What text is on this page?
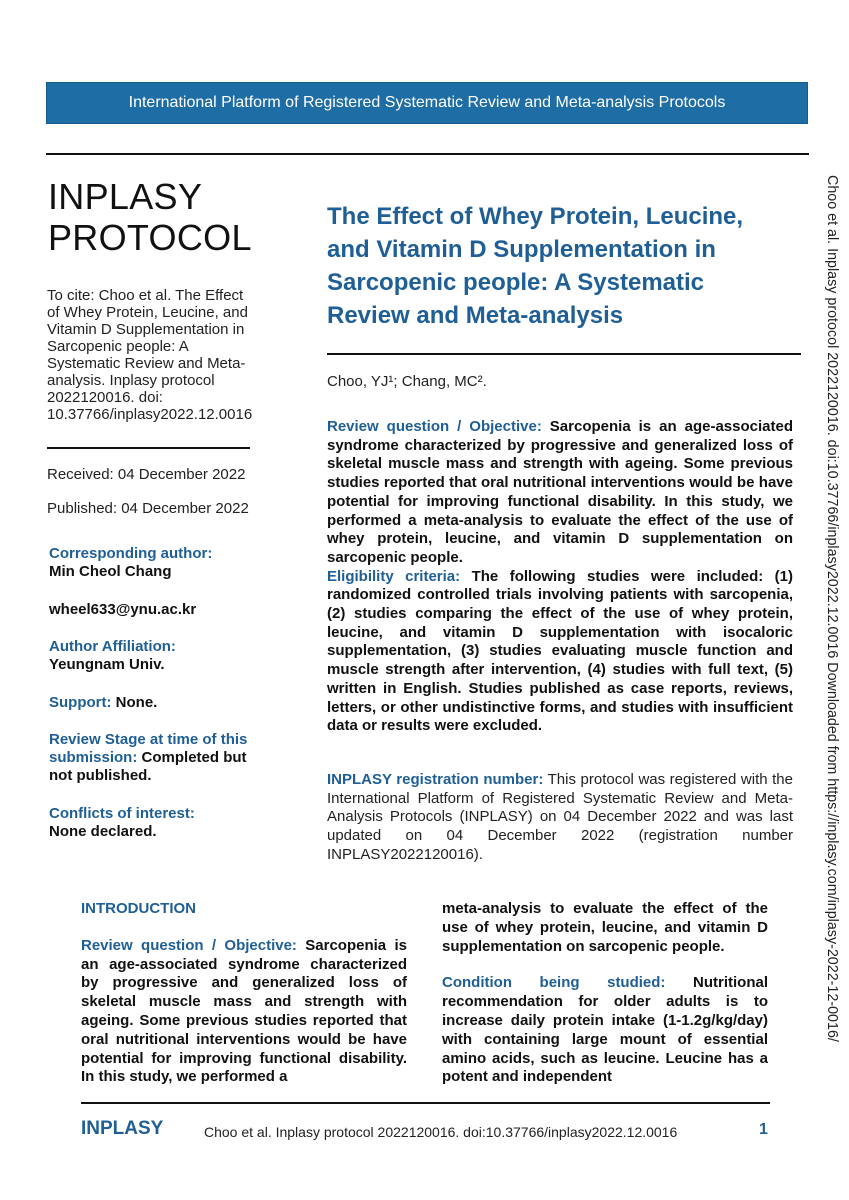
International Platform of Registered Systematic Review and Meta-analysis Protocols
INPLASY
PROTOCOL
To cite: Choo et al. The Effect of Whey Protein, Leucine, and Vitamin D Supplementation in Sarcopenic people: A Systematic Review and Meta-analysis. Inplasy protocol 2022120016. doi: 10.37766/inplasy2022.12.0016
Received: 04 December 2022
Published: 04 December 2022
Corresponding author:
Min Cheol Chang
wheel633@ynu.ac.kr
Author Affiliation:
Yeungnam Univ.
Support: None.
Review Stage at time of this submission: Completed but not published.
Conflicts of interest:
None declared.
The Effect of Whey Protein, Leucine, and Vitamin D Supplementation in Sarcopenic people: A Systematic Review and Meta-analysis
Choo, YJ¹; Chang, MC².
Review question / Objective: Sarcopenia is an age-associated syndrome characterized by progressive and generalized loss of skeletal muscle mass and strength with ageing. Some previous studies reported that oral nutritional interventions would be have potential for improving functional disability. In this study, we performed a meta-analysis to evaluate the effect of the use of whey protein, leucine, and vitamin D supplementation on sarcopenic people.
Eligibility criteria: The following studies were included: (1) randomized controlled trials involving patients with sarcopenia, (2) studies comparing the effect of the use of whey protein, leucine, and vitamin D supplementation with isocaloric supplementation, (3) studies evaluating muscle function and muscle strength after intervention, (4) studies with full text, (5) written in English. Studies published as case reports, reviews, letters, or other undistinctive forms, and studies with insufficient data or results were excluded.
INPLASY registration number: This protocol was registered with the International Platform of Registered Systematic Review and Meta-Analysis Protocols (INPLASY) on 04 December 2022 and was last updated on 04 December 2022 (registration number INPLASY2022120016).
INTRODUCTION
Review question / Objective: Sarcopenia is an age-associated syndrome characterized by progressive and generalized loss of skeletal muscle mass and strength with ageing. Some previous studies reported that oral nutritional interventions would be have potential for improving functional disability. In this study, we performed a
meta-analysis to evaluate the effect of the use of whey protein, leucine, and vitamin D supplementation on sarcopenic people.
Condition being studied: Nutritional recommendation for older adults is to increase daily protein intake (1-1.2g/kg/day) with containing large mount of essential amino acids, such as leucine. Leucine has a potent and independent
INPLASY	Choo et al. Inplasy protocol 2022120016. doi:10.37766/inplasy2022.12.0016	1
Choo et al. Inplasy protocol 2022120016. doi:10.37766/inplasy2022.12.0016 Downloaded from https://inplasy.com/inplasy-2022-12-0016/
